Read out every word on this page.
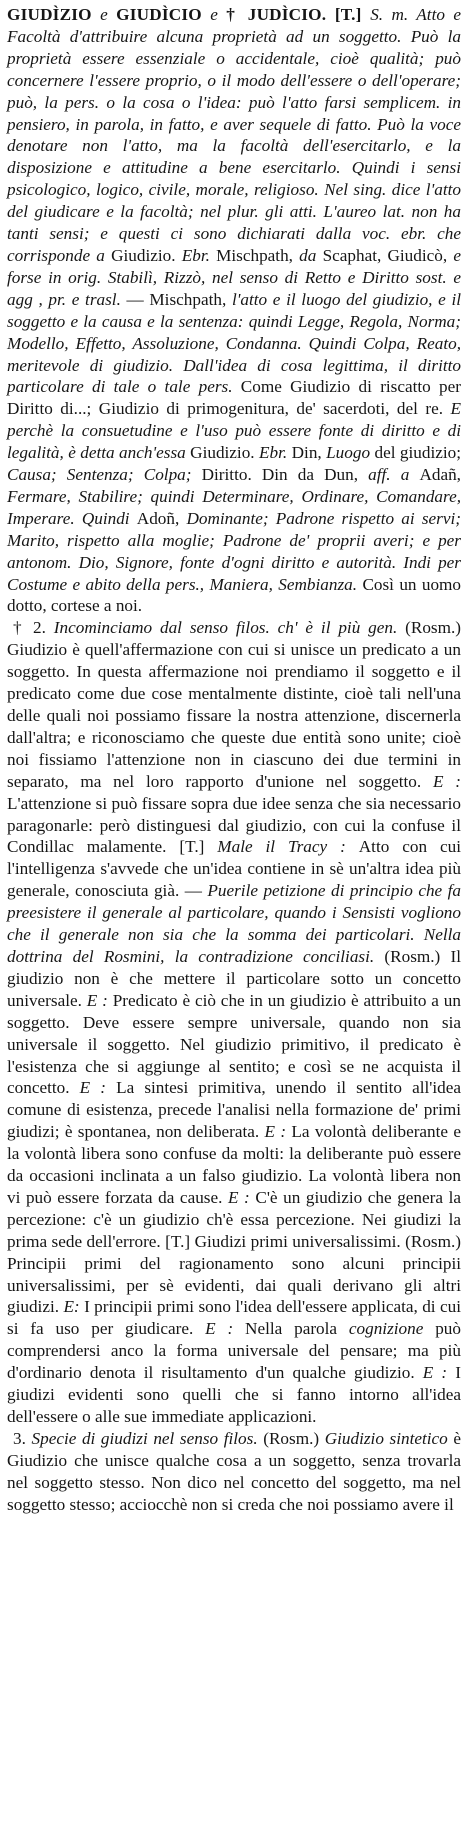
GIUDÌZIO e GIUDÌCIO e † JUDÌCIO. [T.] S. m. Atto e Facoltà d'attribuire alcuna proprietà ad un soggetto. Può la proprietà essere essenziale o accidentale, cioè qualità; può concernere l'essere proprio, o il modo dell'essere o dell'operare; può, la pers. o la cosa o l'idea: può l'atto farsi semplicem. in pensiero, in parola, in fatto, e aver sequele di fatto. Può la voce denotare non l'atto, ma la facoltà dell'esercitarlo, e la disposizione e attitudine a bene esercitarlo. Quindi i sensi psicologico, logico, civile, morale, religioso. Nel sing. dice l'atto del giudicare e la facoltà; nel plur. gli atti. L'aureo lat. non ha tanti sensi; e questi ci sono dichiarati dalla voc. ebr. che corrisponde a Giudizio. Ebr. Mischpath, da Scaphat, Giudicò, e forse in orig. Stabilì, Rizzò, nel senso di Retto e Diritto sost. e agg , pr. e trasl. — Mischpath, l'atto e il luogo del giudizio, e il soggetto e la causa e la sentenza: quindi Legge, Regola, Norma; Modello, Effetto, Assoluzione, Condanna. Quindi Colpa, Reato, meritevole di giudizio. Dall'idea di cosa legittima, il diritto particolare di tale o tale pers. Come Giudizio di riscatto per Diritto di...; Giudizio di primogenitura, de' sacerdoti, del re. E perchè la consuetudine e l'uso può essere fonte di diritto e di legalità, è detta anch'essa Giudizio. Ebr. Din, Luogo del giudizio; Causa; Sentenza; Colpa; Diritto. Din da Dun, aff. a Adañ, Fermare, Stabilire; quindi Determinare, Ordinare, Comandare, Imperare. Quindi Adoñ, Dominante; Padrone rispetto ai servi; Marito, rispetto alla moglie; Padrone de' proprii averi; e per antonom. Dio, Signore, fonte d'ogni diritto e autorità. Indi per Costume e abito della pers., Maniera, Sembianza. Così un uomo dotto, cortese a noi.

† 2. Incominciamo dal senso filos. ch' è il più gen. (Rosm.) Giudizio è quell'affermazione con cui si unisce un predicato a un soggetto. In questa affermazione noi prendiamo il soggetto e il predicato come due cose mentalmente distinte, cioè tali nell'una delle quali noi possiamo fissare la nostra attenzione, discernerla dall'altra; e riconosciamo che queste due entità sono unite; cioè noi fissiamo l'attenzione non in ciascuno dei due termini in separato, ma nel loro rapporto d'unione nel soggetto. E : L'attenzione si può fissare sopra due idee senza che sia necessario paragonarle: però distinguesi dal giudizio, con cui la confuse il Condillac malamente. [T.] Male il Tracy : Atto con cui l'intelligenza s'avvede che un'idea contiene in sè un'altra idea più generale, conosciuta già. — Puerile petizione di principio che fa preesistere il generale al particolare, quando i Sensisti vogliono che il generale non sia che la somma dei particolari. Nella dottrina del Rosmini, la contradizione conciliasi. (Rosm.) Il giudizio non è che mettere il particolare sotto un concetto universale. E : Predicato è ciò che in un giudizio è attribuito a un soggetto. Deve essere sempre universale, quando non sia universale il soggetto. Nel giudizio primitivo, il predicato è l'esistenza che si aggiunge al sentito; e così se ne acquista il concetto. E : La sintesi primitiva, unendo il sentito all'idea comune di esistenza, precede l'analisi nella formazione de' primi giudizi; è spontanea, non deliberata. E : La volontà deliberante e la volontà libera sono confuse da molti: la deliberante può essere da occasioni inclinata a un falso giudizio. La volontà libera non vi può essere forzata da cause. E : C'è un giudizio che genera la percezione: c'è un giudizio ch'è essa percezione. Nei giudizi la prima sede dell'errore. [T.] Giudizi primi universalissimi. (Rosm.) Principii primi del ragionamento sono alcuni principii universalissimi, per sè evidenti, dai quali derivano gli altri giudizi. E: I principii primi sono l'idea dell'essere applicata, di cui si fa uso per giudicare. E : Nella parola cognizione può comprendersi anco la forma universale del pensare; ma più d'ordinario denota il risultamento d'un qualche giudizio. E : I giudizi evidenti sono quelli che si fanno intorno all'idea dell'essere o alle sue immediate applicazioni.

3. Specie di giudizi nel senso filos. (Rosm.) Giudizio sintetico è Giudizio che unisce qualche cosa a un soggetto, senza trovarla nel soggetto stesso. Non dico nel concetto del soggetto, ma nel soggetto stesso; acciocchè non si creda che noi possiamo avere il
